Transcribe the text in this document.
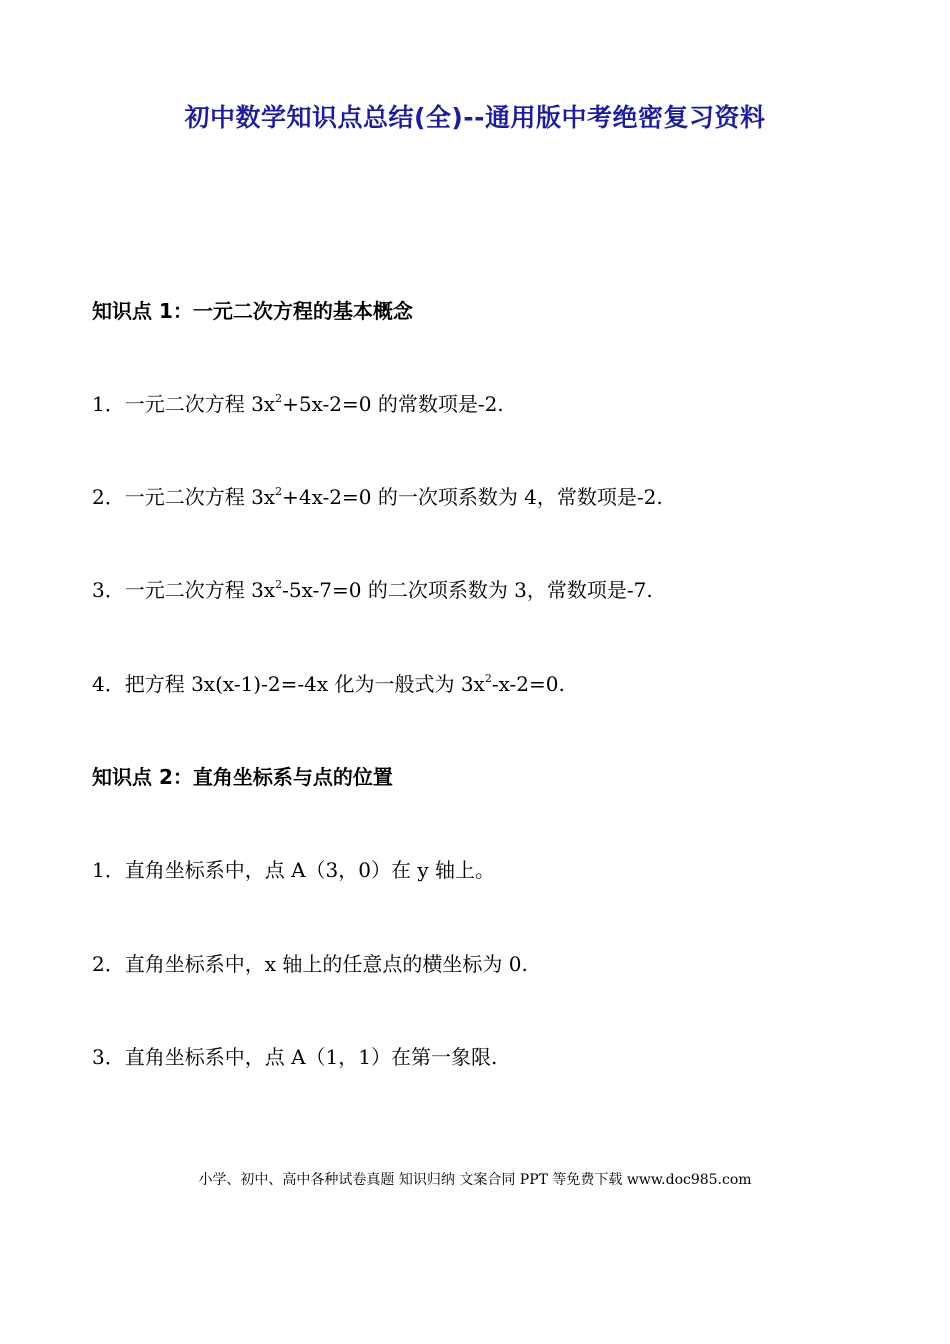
初中数学知识点总结(全)--通用版中考绝密复习资料
知识点 1：一元二次方程的基本概念
1．一元二次方程 $3x^2+5x-2=0$ 的常数项是-2.
2．一元二次方程 $3x^2+4x-2=0$ 的一次项系数为 4，常数项是-2.
3．一元二次方程 $3x^2-5x-7=0$ 的二次项系数为 3，常数项是-7.
4．把方程 3x(x-1)-2=-4x 化为一般式为 $3x^2-x-2=0$.
知识点 2：直角坐标系与点的位置
1．直角坐标系中，点 A（3，0）在 y 轴上。
2．直角坐标系中，x 轴上的任意点的横坐标为 0.
3．直角坐标系中，点 A（1，1）在第一象限.
小学、初中、高中各种试卷真题 知识归纳 文案合同 PPT 等免费下载 www.doc985.com
